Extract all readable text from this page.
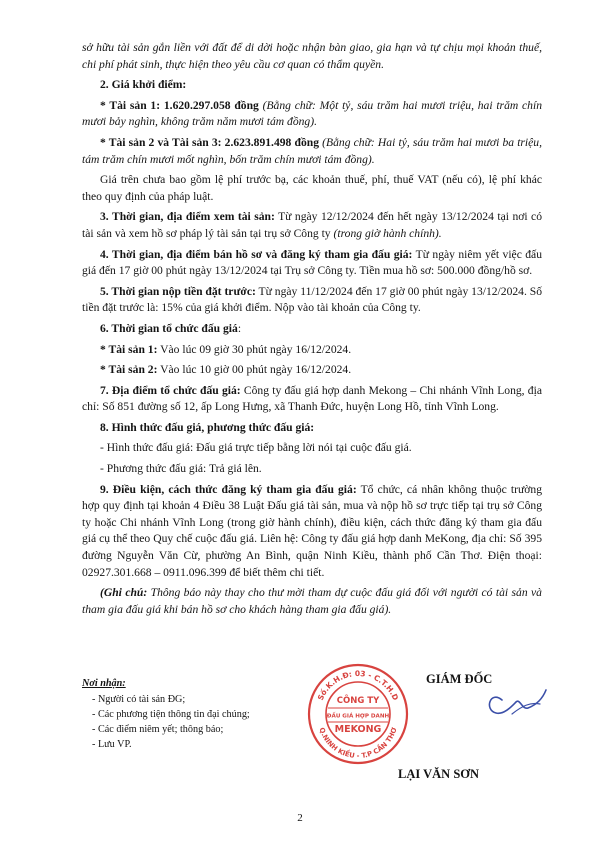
sở hữu tài sản gắn liền với đất để di dời hoặc nhận bàn giao, gia hạn và tự chịu mọi khoản thuế, chi phí phát sinh, thực hiện theo yêu cầu cơ quan có thẩm quyền.

2. Giá khởi điểm:

* Tài sản 1: 1.620.297.058 đồng (Bằng chữ: Một tỷ, sáu trăm hai mươi triệu, hai trăm chín mươi bảy nghìn, không trăm năm mươi tám đồng).

* Tài sản 2 và Tài sản 3: 2.623.891.498 đồng (Bằng chữ: Hai tỷ, sáu trăm hai mươi ba triệu, tám trăm chín mươi mốt nghìn, bốn trăm chín mươi tám đồng).

Giá trên chưa bao gồm lệ phí trước bạ, các khoản thuế, phí, thuế VAT (nếu có), lệ phí khác theo quy định của pháp luật.

3. Thời gian, địa điểm xem tài sản: Từ ngày 12/12/2024 đến hết ngày 13/12/2024 tại nơi có tài sản và xem hồ sơ pháp lý tài sản tại trụ sở Công ty (trong giờ hành chính).

4. Thời gian, địa điểm bán hồ sơ và đăng ký tham gia đấu giá: Từ ngày niêm yết việc đấu giá đến 17 giờ 00 phút ngày 13/12/2024 tại Trụ sở Công ty. Tiền mua hồ sơ: 500.000 đồng/hồ sơ.

5. Thời gian nộp tiền đặt trước: Từ ngày 11/12/2024 đến 17 giờ 00 phút ngày 13/12/2024. Số tiền đặt trước là: 15% của giá khởi điểm. Nộp vào tài khoản của Công ty.

6. Thời gian tổ chức đấu giá:

* Tài sản 1: Vào lúc 09 giờ 30 phút ngày 16/12/2024.

* Tài sản 2: Vào lúc 10 giờ 00 phút ngày 16/12/2024.

7. Địa điểm tổ chức đấu giá: Công ty đấu giá hợp danh Mekong – Chi nhánh Vĩnh Long, địa chỉ: Số 851 đường số 12, ấp Long Hưng, xã Thanh Đức, huyện Long Hồ, tỉnh Vĩnh Long.

8. Hình thức đấu giá, phương thức đấu giá:

- Hình thức đấu giá: Đấu giá trực tiếp bằng lời nói tại cuộc đấu giá.

- Phương thức đấu giá: Trả giá lên.

9. Điều kiện, cách thức đăng ký tham gia đấu giá: Tổ chức, cá nhân không thuộc trường hợp quy định tại khoản 4 Điều 38 Luật Đấu giá tài sản, mua và nộp hồ sơ trực tiếp tại trụ sở Công ty hoặc Chi nhánh Vĩnh Long (trong giờ hành chính), điều kiện, cách thức đăng ký tham gia đấu giá cụ thể theo Quy chế cuộc đấu giá. Liên hệ: Công ty đấu giá hợp danh MeKong, địa chỉ: Số 395 đường Nguyễn Văn Cừ, phường An Bình, quận Ninh Kiều, thành phố Cần Thơ. Điện thoại: 02927.301.668 – 0911.096.399 để biết thêm chi tiết.

(Ghi chú: Thông báo này thay cho thư mời tham dự cuộc đấu giá đối với người có tài sản và tham gia đấu giá khi bán hồ sơ cho khách hàng tham gia đấu giá).

Nơi nhận:
- Người có tài sản ĐG;
- Các phương tiện thông tin đại chúng;
- Các điểm niêm yết; thông báo;
- Lưu VP.
GIÁM ĐỐC
Số.K.H.Đ: 03 - C.T.H.D
Q.NINH KIỀU - T.P CẦN THƠ
CÔNG TY
ĐẤU GIÁ HỢP DANH
MEKONG
LẠI VĂN SƠN
2
